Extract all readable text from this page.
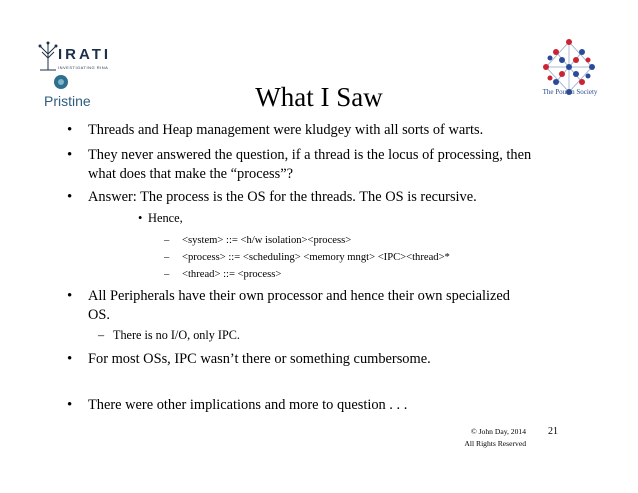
IRATI
INVESTIGATING RINA
Pristine	What I Saw	The Pouzin Society
• Threads and Heap management were kludgey with all sorts of warts.
• They never answered the question, if a thread is the locus of processing, then what does that make the “process”?
• Answer: The process is the OS for the threads. The OS is recursive.
• Hence,
– <system> ::= <h/w isolation><process>
– <process> ::= <scheduling> <memory mngt> <IPC><thread>*
– <thread> ::= <process>
• All Peripherals have their own processor and hence their own specialized OS.
– There is no I/O, only IPC.
• For most OSs, IPC wasn’t there or something cumbersome.
• There were other implications and more to question . . .
© John Day, 2014
All Rights Reserved
21
